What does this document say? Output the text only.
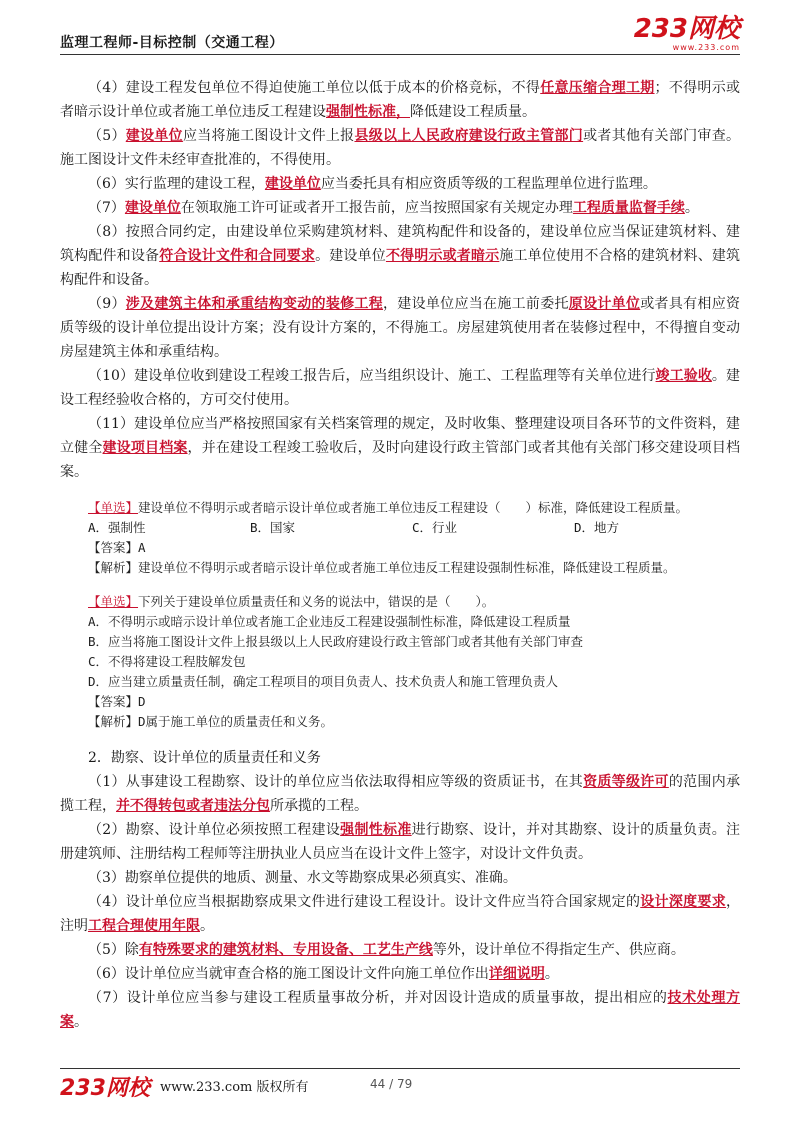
监理工程师-目标控制（交通工程）	233网校
www.233.com

（4）建设工程发包单位不得迫使施工单位以低于成本的价格竞标，不得任意压缩合理工期；不得明示或者暗示设计单位或者施工单位违反工程建设强制性标准，降低建设工程质量。

（5）建设单位应当将施工图设计文件上报县级以上人民政府建设行政主管部门或者其他有关部门审查。施工图设计文件未经审查批准的，不得使用。

（6）实行监理的建设工程，建设单位应当委托具有相应资质等级的工程监理单位进行监理。

（7）建设单位在领取施工许可证或者开工报告前，应当按照国家有关规定办理工程质量监督手续。

（8）按照合同约定，由建设单位采购建筑材料、建筑构配件和设备的，建设单位应当保证建筑材料、建筑构配件和设备符合设计文件和合同要求。建设单位不得明示或者暗示施工单位使用不合格的建筑材料、建筑构配件和设备。

（9）涉及建筑主体和承重结构变动的装修工程，建设单位应当在施工前委托原设计单位或者具有相应资质等级的设计单位提出设计方案；没有设计方案的，不得施工。房屋建筑使用者在装修过程中，不得擅自变动房屋建筑主体和承重结构。

（10）建设单位收到建设工程竣工报告后，应当组织设计、施工、工程监理等有关单位进行竣工验收。建设工程经验收合格的，方可交付使用。

（11）建设单位应当严格按照国家有关档案管理的规定，及时收集、整理建设项目各环节的文件资料，建立健全建设项目档案，并在建设工程竣工验收后，及时向建设行政主管部门或者其他有关部门移交建设项目档案。

【单选】建设单位不得明示或者暗示设计单位或者施工单位违反工程建设（　　）标准，降低建设工程质量。

A．强制性	B．国家	C．行业	D．地方

【答案】A

【解析】建设单位不得明示或者暗示设计单位或者施工单位违反工程建设强制性标准，降低建设工程质量。

【单选】下列关于建设单位质量责任和义务的说法中，错误的是（　　）。

A．不得明示或暗示设计单位或者施工企业违反工程建设强制性标准，降低建设工程质量

B．应当将施工图设计文件上报县级以上人民政府建设行政主管部门或者其他有关部门审查

C．不得将建设工程肢解发包

D．应当建立质量责任制，确定工程项目的项目负责人、技术负责人和施工管理负责人

【答案】D

【解析】D属于施工单位的质量责任和义务。

2．勘察、设计单位的质量责任和义务

（1）从事建设工程勘察、设计的单位应当依法取得相应等级的资质证书，在其资质等级许可的范围内承揽工程，并不得转包或者违法分包所承揽的工程。

（2）勘察、设计单位必须按照工程建设强制性标准进行勘察、设计，并对其勘察、设计的质量负责。注册建筑师、注册结构工程师等注册执业人员应当在设计文件上签字，对设计文件负责。

（3）勘察单位提供的地质、测量、水文等勘察成果必须真实、准确。

（4）设计单位应当根据勘察成果文件进行建设工程设计。设计文件应当符合国家规定的设计深度要求，注明工程合理使用年限。

（5）除有特殊要求的建筑材料、专用设备、工艺生产线等外，设计单位不得指定生产、供应商。

（6）设计单位应当就审查合格的施工图设计文件向施工单位作出详细说明。

（7）设计单位应当参与建设工程质量事故分析，并对因设计造成的质量事故，提出相应的技术处理方案。

233网校 www.233.com 版权所有	44 / 79
